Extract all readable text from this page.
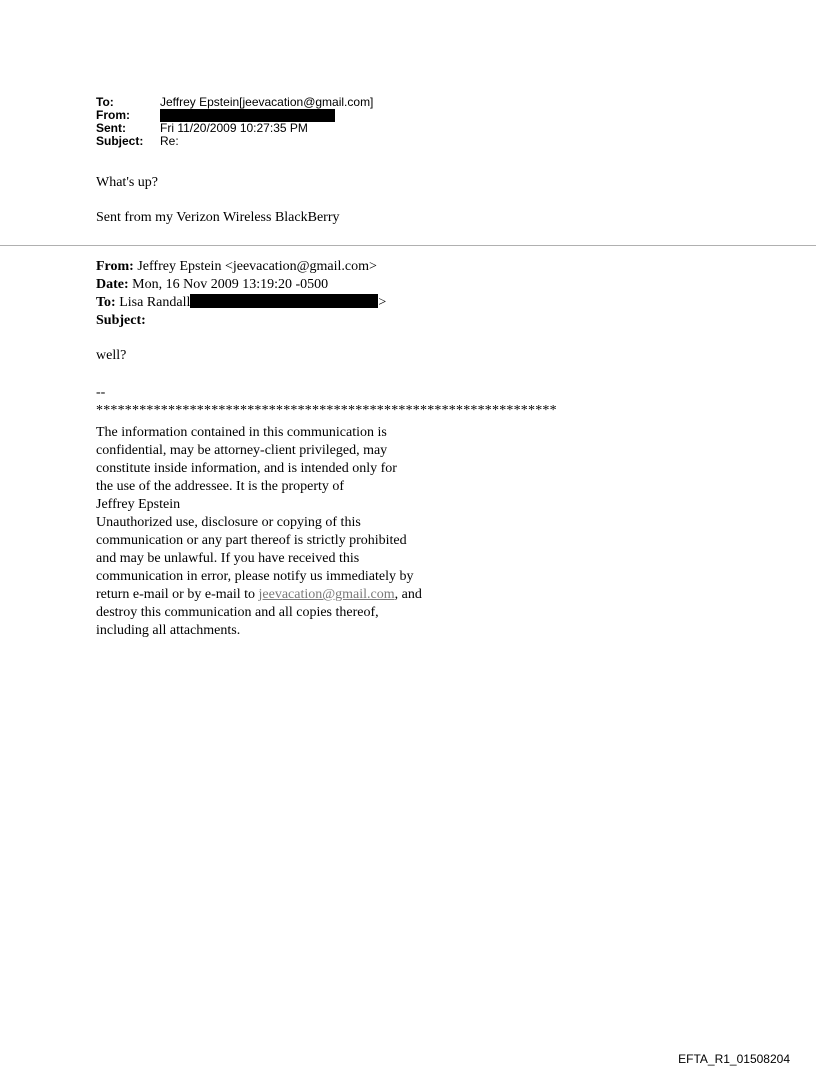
To:	Jeffrey Epstein[jeevacation@gmail.com]
From:
Sent:	Fri 11/20/2009 10:27:35 PM
Subject:	Re:
What's up?
Sent from my Verizon Wireless BlackBerry
From: Jeffrey Epstein <jeevacation@gmail.com>
Date: Mon, 16 Nov 2009 13:19:20 -0500
To: Lisa Randall	>
Subject:
well?
--
****************************************************************
The information contained in this communication is
confidential, may be attorney-client privileged, may
constitute inside information, and is intended only for
the use of the addressee. It is the property of
Jeffrey Epstein
Unauthorized use, disclosure or copying of this
communication or any part thereof is strictly prohibited
and may be unlawful. If you have received this
communication in error, please notify us immediately by
return e-mail or by e-mail to jeevacation@gmail.com, and
destroy this communication and all copies thereof,
including all attachments.
EFTA_R1_01508204
